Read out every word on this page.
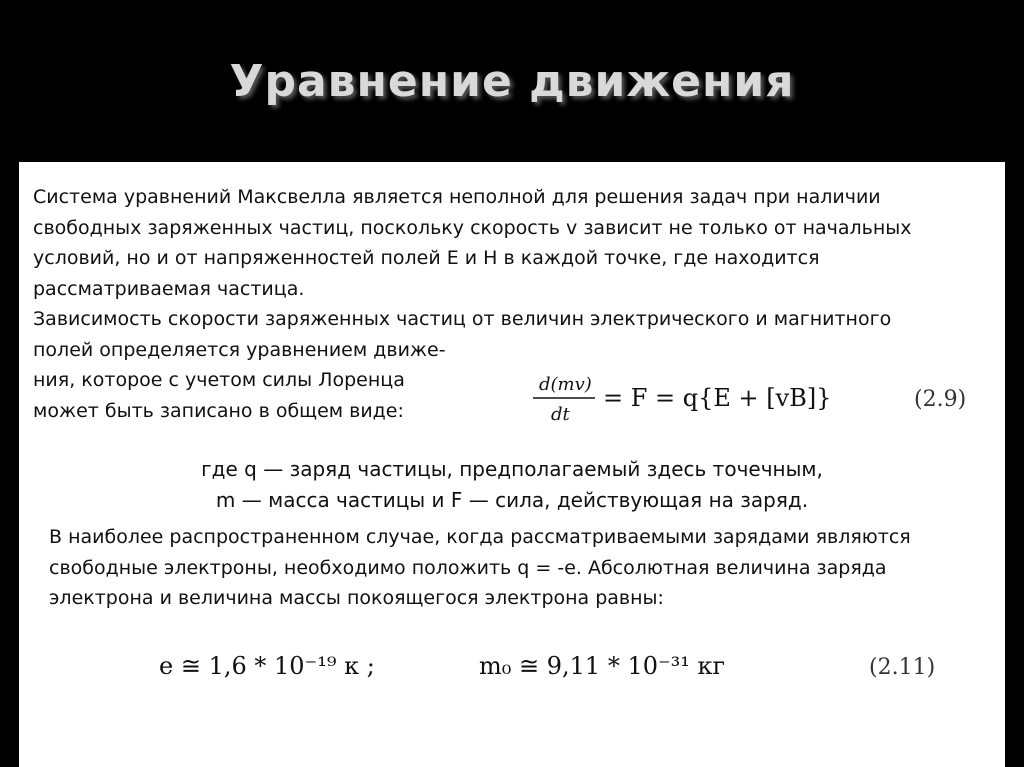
Уравнение движения
Система уравнений Максвелла является неполной для решения задач при наличии
свободных заряженных частиц, поскольку скорость v зависит не только от начальных
условий, но и от напряженностей полей Е и Н в каждой точке, где находится
рассматриваемая частица.
Зависимость скорости заряженных частиц от величин электрического и магнитного
полей определяется уравнением движе-
ния, которое с учетом силы Лоренца
может быть записано в общем виде:
d(mv)
dt
= F = q{E + [vB]}	(2.9)
где q — заряд частицы, предполагаемый здесь точечным,
m — масса частицы и F — сила, действующая на заряд.
В наиболее распространенном случае, когда рассматриваемыми зарядами являются
свободные электроны, необходимо положить q = -e. Абсолютная величина заряда
электрона и величина массы покоящегося электрона равны:
e ≅ 1,6 * 10⁻¹⁹ к ;	m₀ ≅ 9,11 * 10⁻³¹ кг	(2.11)
